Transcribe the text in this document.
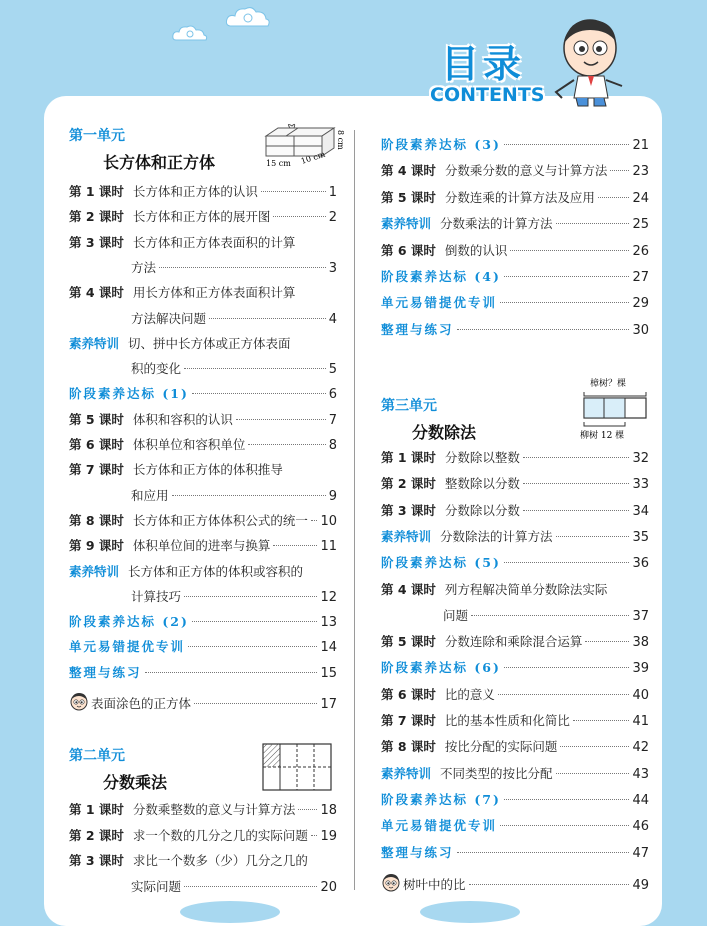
目录
CONTENTS
第一单元
长方体和正方体	15 cm 10 cm
8 cm
第 1 课时 长方体和正方体的认识	1
第 2 课时 长方体和正方体的展开图	2
第 3 课时 长方体和正方体表面积的计算
方法	3
第 4 课时 用长方体和正方体表面积计算
方法解决问题	4
素养特训 切、拼中长方体或正方体表面
积的变化	5
阶段素养达标 (1)	6
第 5 课时 体积和容积的认识	7
第 6 课时 体积单位和容积单位	8
第 7 课时 长方体和正方体的体积推导
和应用	9
第 8 课时 长方体和正方体体积公式的统一 10
第 9 课时 体积单位间的进率与换算	11
素养特训 长方体和正方体的体积或容积的
计算技巧	12
阶段素养达标 (2)	13
单元易错提优专训	14
整理与练习	15
表面涂色的正方体	17
第二单元
分数乘法
第 1 课时 分数乘整数的意义与计算方法 18
第 2 课时 求一个数的几分之几的实际问题 19
第 3 课时 求比一个数多（少）几分之几的
实际问题	20
阶段素养达标 (3)	21
第 4 课时 分数乘分数的意义与计算方法 23
第 5 课时 分数连乘的计算方法及应用	24
素养特训 分数乘法的计算方法	25
第 6 课时 倒数的认识	26
阶段素养达标 (4)	27
单元易错提优专训	29
整理与练习	30
第三单元
分数除法
樟树？棵
柳树 12 棵
第 1 课时 分数除以整数	32
第 2 课时 整数除以分数	33
第 3 课时 分数除以分数	34
素养特训 分数除法的计算方法	35
阶段素养达标 (5)	36
第 4 课时 列方程解决简单分数除法实际
问题	37
第 5 课时 分数连除和乘除混合运算	38
阶段素养达标 (6)	39
第 6 课时 比的意义	40
第 7 课时 比的基本性质和化简比	41
第 8 课时 按比分配的实际问题	42
素养特训 不同类型的按比分配	43
阶段素养达标 (7)	44
单元易错提优专训	46
整理与练习	47
树叶中的比	49
